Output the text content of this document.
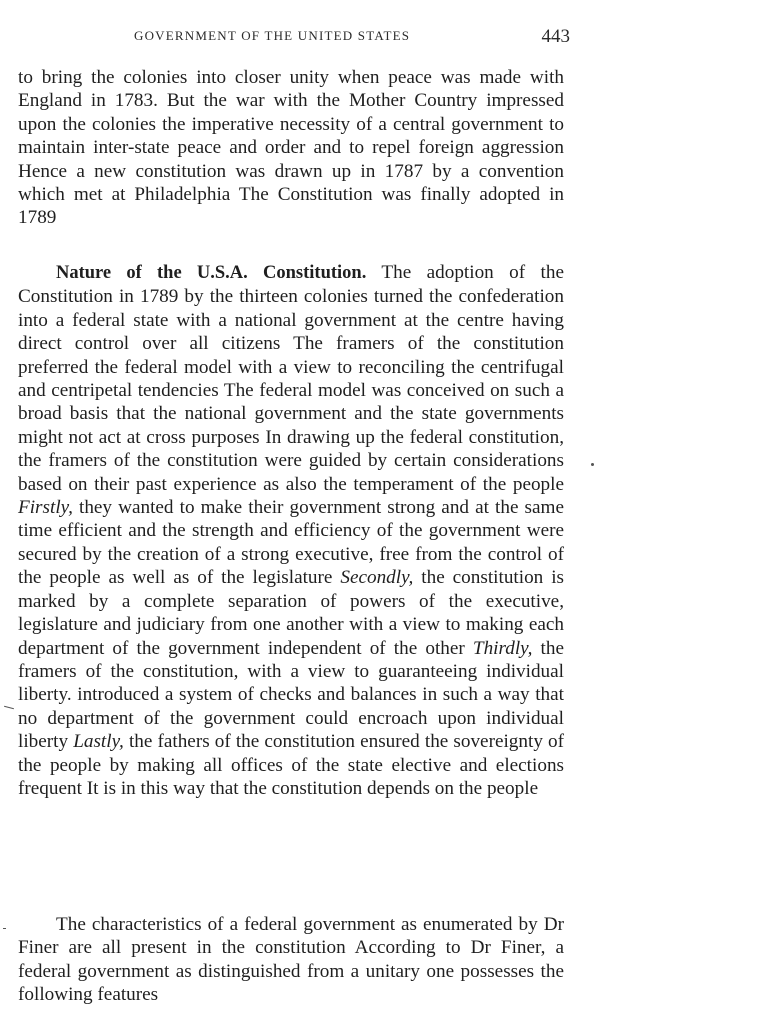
GOVERNMENT OF THE UNITED STATES	443

to bring the colonies into closer unity when peace was made with England in 1783. But the war with the Mother Country impressed upon the colonies the imperative necessity of a central government to maintain inter-state peace and order and to repel foreign aggression Hence a new constitution was drawn up in 1787 by a convention which met at Philadelphia The Constitution was finally adopted in 1789

Nature of the U.S.A. Constitution. The adoption of the Constitution in 1789 by the thirteen colonies turned the confederation into a federal state with a national government at the centre having direct control over all citizens The framers of the constitution preferred the federal model with a view to reconciling the centrifugal and centripetal tendencies The federal model was conceived on such a broad basis that the national government and the state governments might not act at cross purposes In drawing up the federal constitution, the framers of the constitution were guided by certain considerations based on their past experience as also the temperament of the people Firstly, they wanted to make their government strong and at the same time efficient and the strength and efficiency of the government were secured by the creation of a strong executive, free from the control of the people as well as of the legislature Secondly, the constitution is marked by a complete separation of powers of the executive, legislature and judiciary from one another with a view to making each department of the government independent of the other Thirdly, the framers of the constitution, with a view to guaranteeing individual liberty. introduced a system of checks and balances in such a way that no department of the government could encroach upon individual liberty Lastly, the fathers of the constitution ensured the sovereignty of the people by making all offices of the state elective and elections frequent It is in this way that the constitution depends on the people

The characteristics of a federal government as enumerated by Dr Finer are all present in the constitution According to Dr Finer, a federal government as distinguished from a unitary one possesses the following features
